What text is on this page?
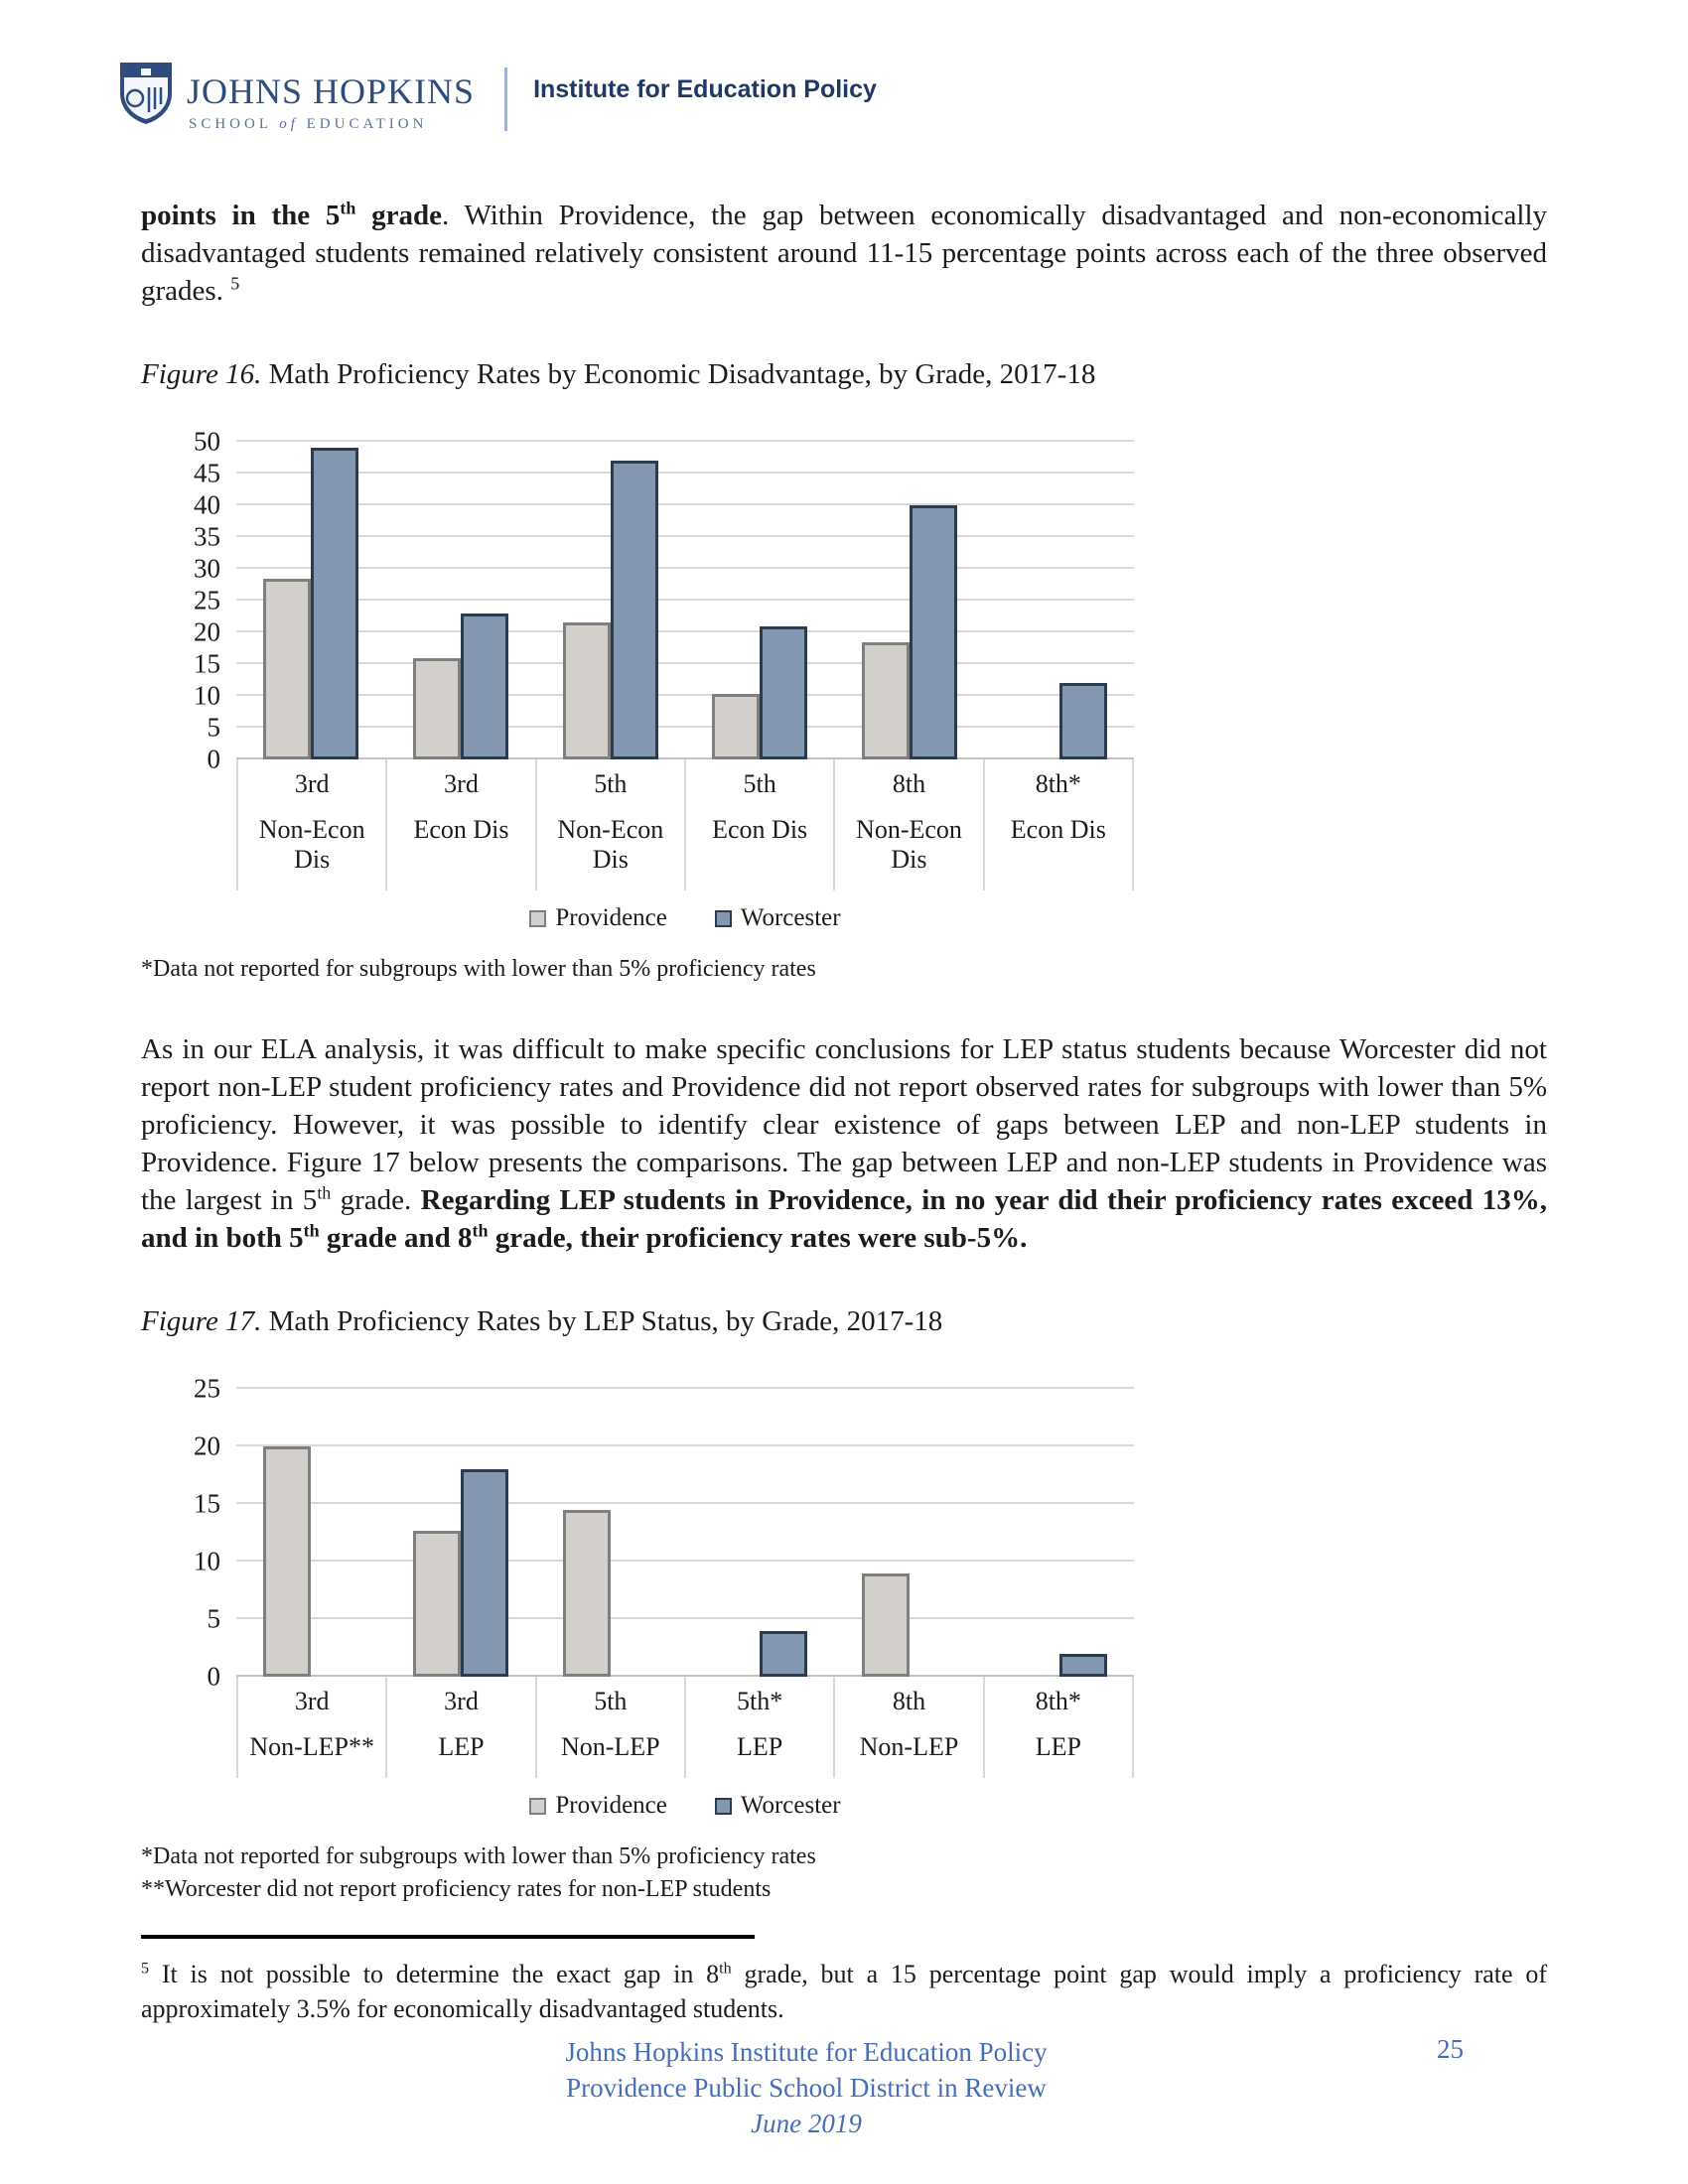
JOHNS HOPKINS
SCHOOL of EDUCATION
Institute for Education Policy
points in the 5th grade. Within Providence, the gap between economically disadvantaged and non-economically disadvantaged students remained relatively consistent around 11-15 percentage points across each of the three observed grades. $^5$
Figure 16. Math Proficiency Rates by Economic Disadvantage, by Grade, 2017-18
0
5
10
15
20
25
30
35
40
45
50
3rd
Non-Econ Dis
3rd
Econ Dis
5th
Non-Econ Dis
5th
Econ Dis
8th
Non-Econ Dis
8th*
Econ Dis
Providence	Worcester
*Data not reported for subgroups with lower than 5% proficiency rates
As in our ELA analysis, it was difficult to make specific conclusions for LEP status students because Worcester did not report non-LEP student proficiency rates and Providence did not report observed rates for subgroups with lower than 5% proficiency. However, it was possible to identify clear existence of gaps between LEP and non-LEP students in Providence. Figure 17 below presents the comparisons. The gap between LEP and non-LEP students in Providence was the largest in 5th grade. Regarding LEP students in Providence, in no year did their proficiency rates exceed 13%, and in both 5th grade and 8th grade, their proficiency rates were sub-5%.
Figure 17. Math Proficiency Rates by LEP Status, by Grade, 2017-18
0
5
10
15
20
25
3rd
Non-LEP**
3rd
LEP
5th
Non-LEP
5th*
LEP
8th
Non-LEP
8th*
LEP
Providence	Worcester
*Data not reported for subgroups with lower than 5% proficiency rates
**Worcester did not report proficiency rates for non-LEP students
$^5$ It is not possible to determine the exact gap in 8th grade, but a 15 percentage point gap would imply a proficiency rate of approximately 3.5% for economically disadvantaged students.
Johns Hopkins Institute for Education Policy
Providence Public School District in Review
June 2019
25
